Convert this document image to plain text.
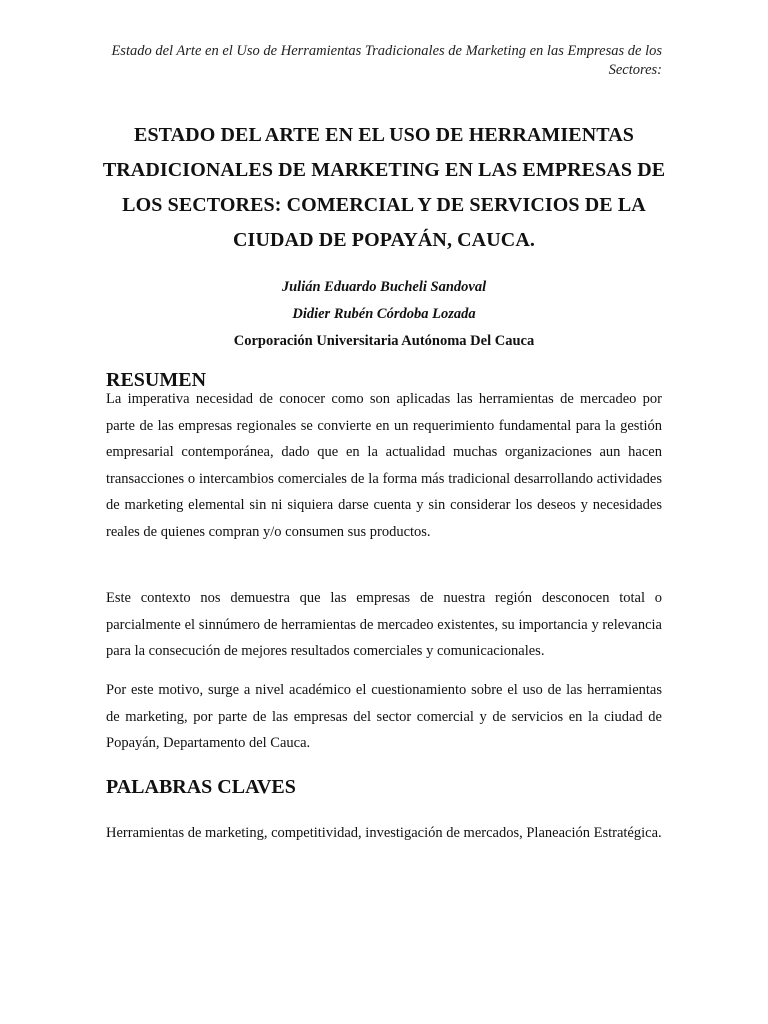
Estado del Arte en el Uso de Herramientas Tradicionales de Marketing en las Empresas de los Sectores:
ESTADO DEL ARTE EN EL USO DE HERRAMIENTAS TRADICIONALES DE MARKETING EN LAS EMPRESAS DE LOS SECTORES: COMERCIAL Y DE SERVICIOS DE LA CIUDAD DE POPAYÁN, CAUCA.
Julián Eduardo Bucheli Sandoval
Didier Rubén Córdoba Lozada
Corporación Universitaria Autónoma Del Cauca
RESUMEN

La imperativa necesidad de conocer como son aplicadas las herramientas de mercadeo por parte de las empresas regionales se convierte en un requerimiento fundamental para la gestión empresarial contemporánea, dado que en la actualidad muchas organizaciones aun hacen transacciones o intercambios comerciales de la forma más tradicional desarrollando actividades de marketing elemental sin ni siquiera darse cuenta y sin considerar los deseos y necesidades reales de quienes compran y/o consumen sus productos.

Este contexto nos demuestra que las empresas de nuestra región desconocen total o parcialmente el sinnúmero de herramientas de mercadeo existentes, su importancia y relevancia para la consecución de mejores resultados comerciales y comunicacionales.

Por este motivo, surge a nivel académico el cuestionamiento sobre el uso de las herramientas de marketing, por parte de las empresas del sector comercial y de servicios en la ciudad de Popayán, Departamento del Cauca.

PALABRAS CLAVES

Herramientas de marketing, competitividad, investigación de mercados, Planeación Estratégica.
